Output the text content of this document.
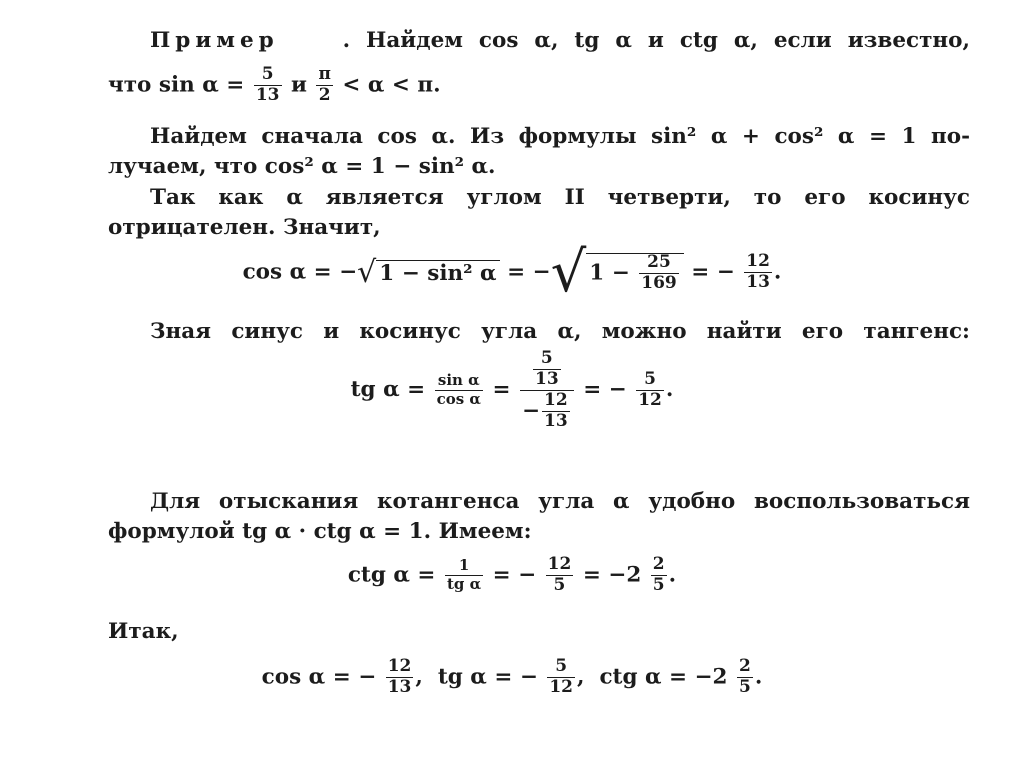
Пример	. Найдем cos α, tg α и ctg α, если известно,
что $\sin \alpha = \frac{5}{13}$ и $\frac{\pi}{2} < \alpha < \pi$.
Найдем сначала cos α. Из формулы sin² α + cos² α = 1 по-
лучаем, что cos² α = 1 − sin² α.
Так как α является углом II четверти, то его косинус
отрицателен. Значит,
cos α = −√ 1 − sin² α = −√ $1 - \frac{25}{169}$ = − $\frac{12}{13}$ .
Зная синус и косинус угла α, можно найти его тангенс:
tg $\alpha = \frac{\text{sin α}}{\text{cos α}} = \frac{\frac{5}{13}}{- \frac{12}{13}}$ = − $\frac{5}{12}$ .
Для отыскания котангенса угла α удобно воспользоваться
формулой tg α · ctg α = 1. Имеем:
ctg $\alpha = \frac{1}{\text{tg α}}$ = − $\frac{12}{5} = -2 \frac{2}{5}$ .
Итак,
cos α = − $\frac{12}{13}$ ,  tg α = − $\frac{5}{12}$ ,  ctg $\alpha = -2 \frac{2}{5}$ .
